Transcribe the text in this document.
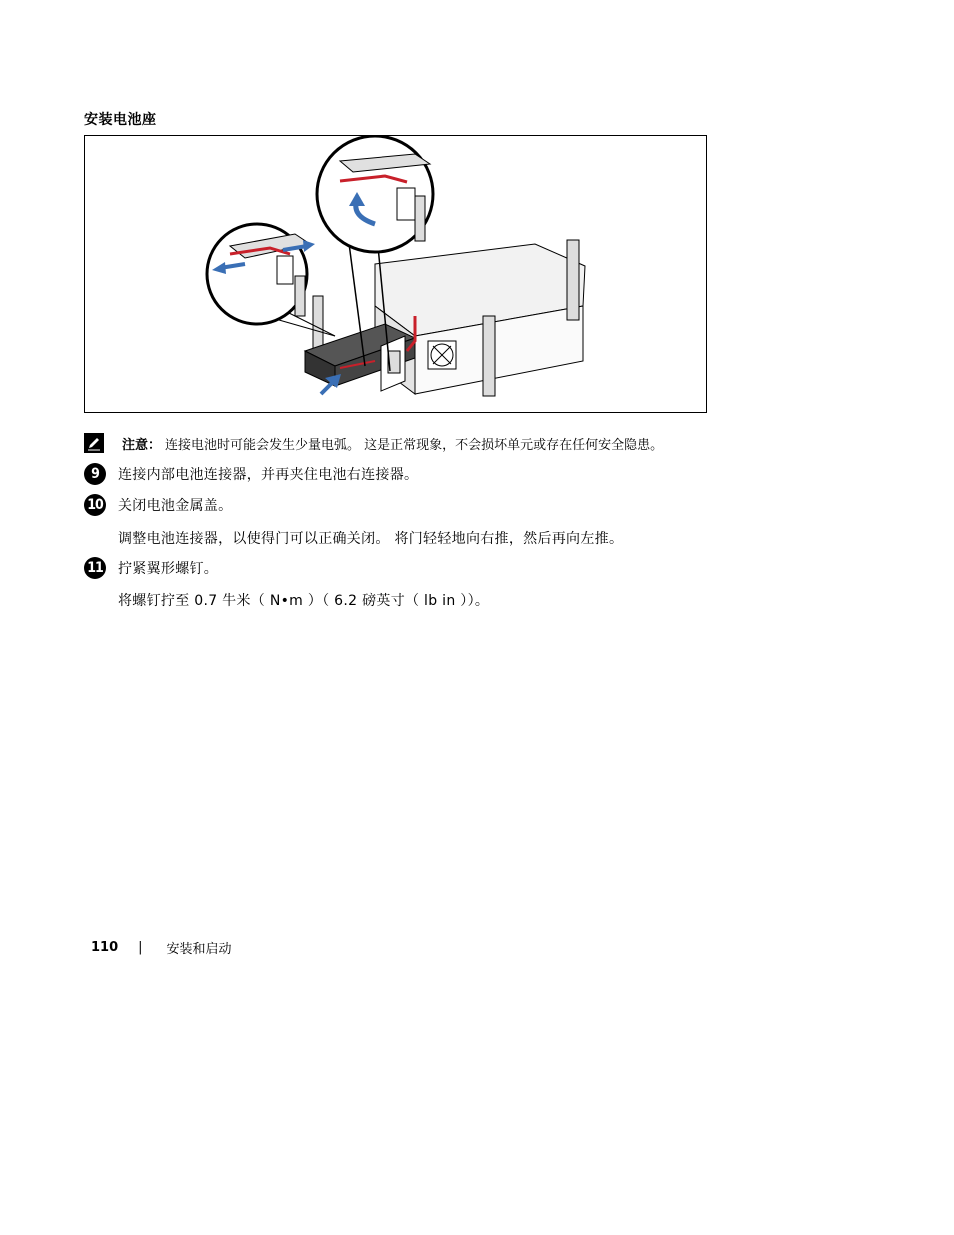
安装电池座
注意： 连接电池时可能会发生少量电弧。 这是正常现象，不会损坏单元或存在任何安全隐患。
9	连接内部电池连接器，并再夹住电池右连接器。
10 关闭电池金属盖。
调整电池连接器，以使得门可以正确关闭。 将门轻轻地向右推，然后再向左推。
11 拧紧翼形螺钉。
将螺钉拧至 0.7 牛米（ N•m ）（ 6.2 磅英寸（ lb in ））。
110 | 安装和启动
